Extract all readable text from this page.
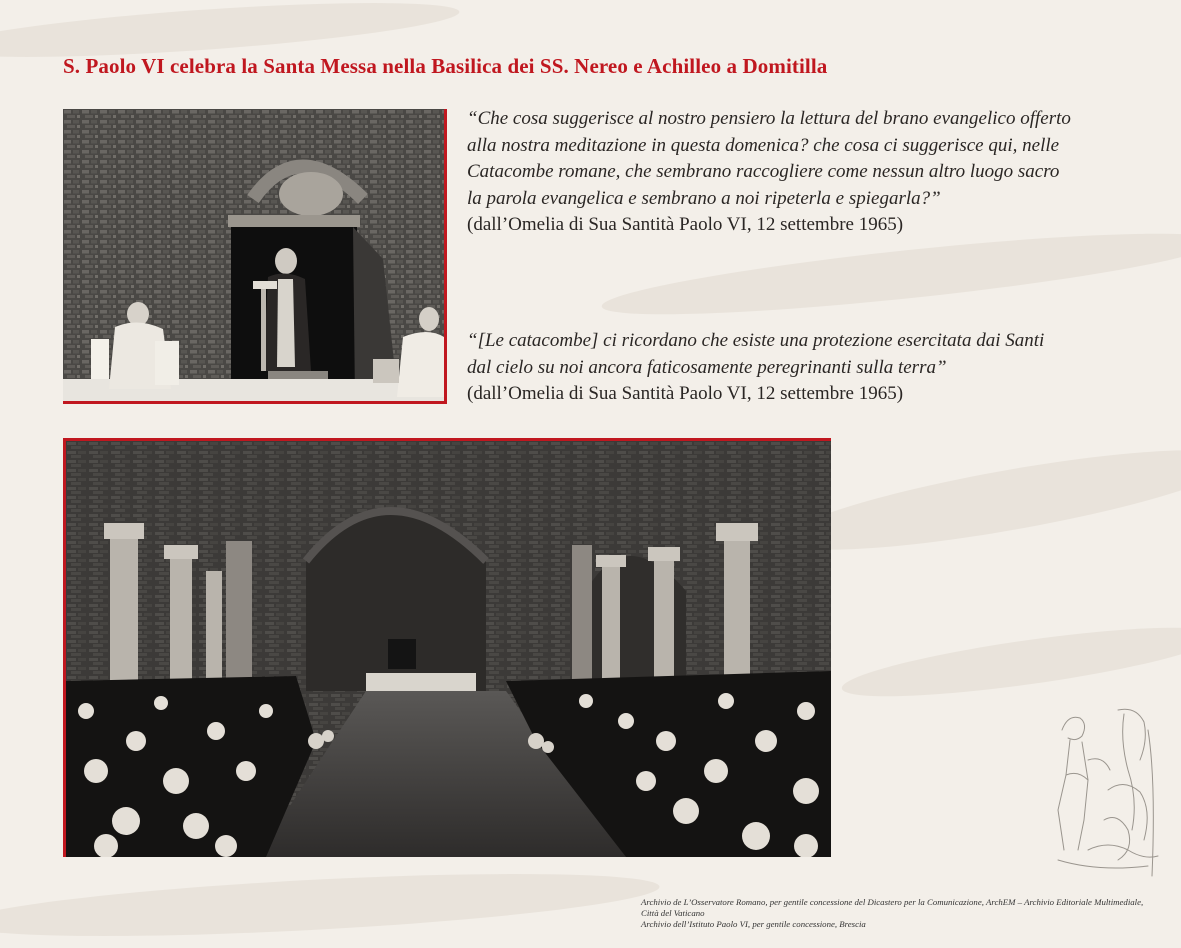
S. Paolo VI celebra la Santa Messa nella Basilica dei SS. Nereo e Achilleo a Domitilla

“Che cosa suggerisce al nostro pensiero la lettura del brano evangelico offerto
alla nostra meditazione in questa domenica? che cosa ci suggerisce qui, nelle
Catacombe romane, che sembrano raccogliere come nessun altro luogo sacro
la parola evangelica e sembrano a noi ripeterla e spiegarla?”

(dall’Omelia di Sua Santità Paolo VI, 12 settembre 1965)

“[Le catacombe] ci ricordano che esiste una protezione esercitata dai Santi
dal cielo su noi ancora faticosamente peregrinanti sulla terra”

(dall’Omelia di Sua Santità Paolo VI, 12 settembre 1965)

Archivio de L’Osservatore Romano, per gentile concessione del Dicastero per la Comunicazione, ArchEM – Archivio Editoriale Multimediale,

Città del Vaticano

Archivio dell’Istituto Paolo VI, per gentile concessione, Brescia
